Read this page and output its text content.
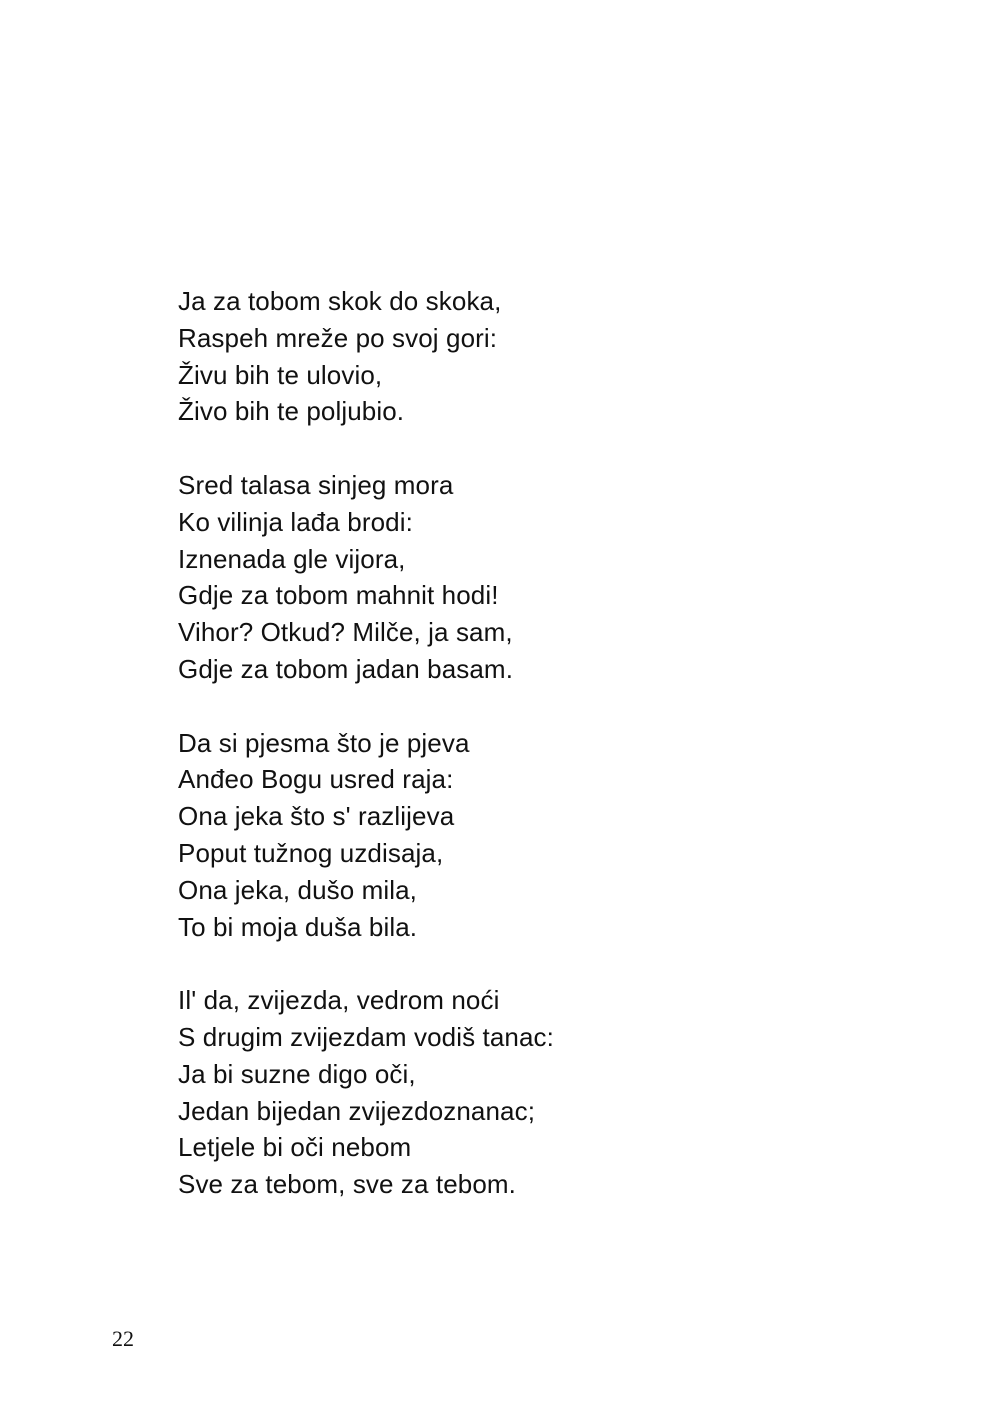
Ja za tobom skok do skoka,
Raspeh mreže po svoj gori:
Živu bih te ulovio,
Živo bih te poljubio.
Sred talasa sinjeg mora
Ko vilinja lađa brodi:
Iznenada gle vijora,
Gdje za tobom mahnit hodi!
Vihor? Otkud? Milče, ja sam,
Gdje za tobom jadan basam.
Da si pjesma što je pjeva
Anđeo Bogu usred raja:
Ona jeka što s' razlijeva
Poput tužnog uzdisaja,
Ona jeka, dušo mila,
To bi moja duša bila.
Il' da, zvijezda, vedrom noći
S drugim zvijezdam vodiš tanac:
Ja bi suzne digo oči,
Jedan bijedan zvijezdoznanac;
Letjele bi oči nebom
Sve za tebom, sve za tebom.
22
